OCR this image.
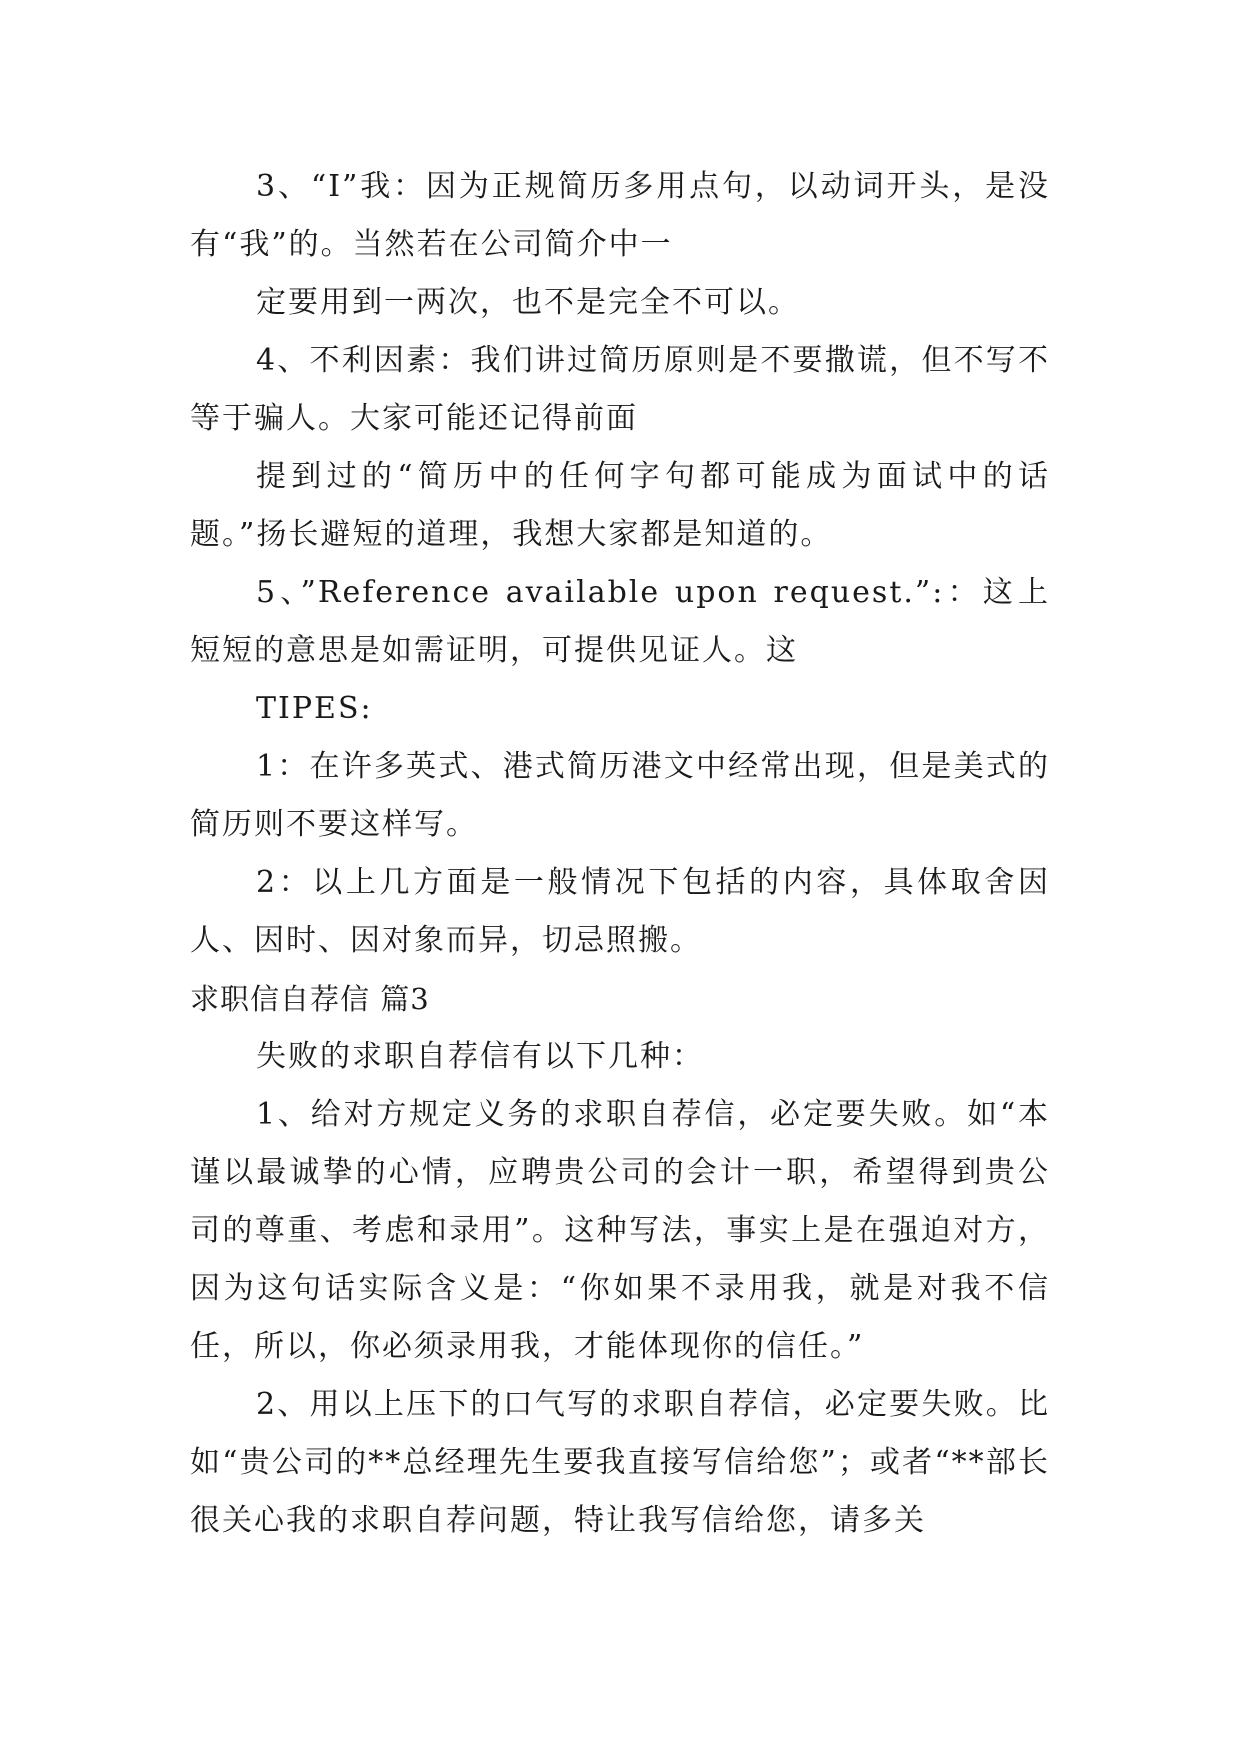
3、“I”我：因为正规简历多用点句，以动词开头，是没有“我”的。当然若在公司简介中一

定要用到一两次，也不是完全不可以。

4、不利因素：我们讲过简历原则是不要撒谎，但不写不等于骗人。大家可能还记得前面

提到过的“简历中的任何字句都可能成为面试中的话题。”扬长避短的道理，我想大家都是知道的。

5、”Reference available upon request.”:：这上短短的意思是如需证明，可提供见证人。这

TIPES:

1：在许多英式、港式简历港文中经常出现，但是美式的简历则不要这样写。

2：以上几方面是一般情况下包括的内容，具体取舍因人、因时、因对象而异，切忌照搬。

求职信自荐信 篇3

失败的求职自荐信有以下几种：

1、给对方规定义务的求职自荐信，必定要失败。如“本谨以最诚挚的心情，应聘贵公司的会计一职，希望得到贵公司的尊重、考虑和录用”。这种写法，事实上是在强迫对方，因为这句话实际含义是：“你如果不录用我，就是对我不信任，所以，你必须录用我，才能体现你的信任。”

2、用以上压下的口气写的求职自荐信，必定要失败。比如“贵公司的**总经理先生要我直接写信给您”；或者“**部长很关心我的求职自荐问题，特让我写信给您，请多关
